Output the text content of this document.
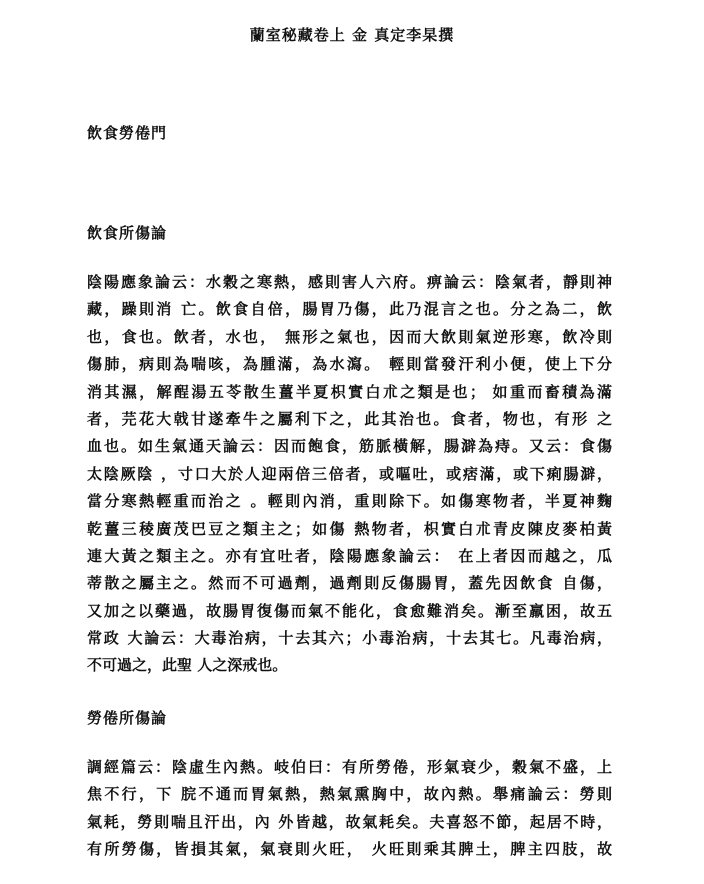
蘭室秘藏卷上 金 真定李杲撰
飲食勞倦門
飲食所傷論
陰陽應象論云：水穀之寒熱，感則害人六府。痹論云：陰氣者，靜則神
藏，躁則消 亡。飲食自倍，腸胃乃傷，此乃混言之也。分之為二，飲
也，食也。飲者，水也， 無形之氣也，因而大飲則氣逆形寒，飲冷則
傷肺，病則為喘咳，為腫滿，為水瀉。 輕則當發汗利小便，使上下分
消其濕，解酲湯五苓散生薑半夏枳實白朮之類是也； 如重而畜積為滿
者，芫花大戟甘遂牽牛之屬利下之，此其治也。食者，物也，有形 之
血也。如生氣通天論云：因而飽食，筋脈橫解，腸澼為痔。又云：食傷
太陰厥陰 ，寸口大於人迎兩倍三倍者，或嘔吐，或痞滿，或下痢腸澼，
當分寒熱輕重而治之 。輕則內消，重則除下。如傷寒物者，半夏神麴
乾薑三稜廣茂巴豆之類主之；如傷 熱物者，枳實白朮青皮陳皮麥柏黃
連大黃之類主之。亦有宜吐者，陰陽應象論云： 在上者因而越之，瓜
蒂散之屬主之。然而不可過劑，過劑則反傷腸胃，蓋先因飲食 自傷，
又加之以藥過，故腸胃復傷而氣不能化，食愈難消矣。漸至羸困，故五
常政 大論云：大毒治病，十去其六；小毒治病，十去其七。凡毒治病，
不可過之，此聖 人之深戒也。
勞倦所傷論
調經篇云：陰虛生內熱。岐伯曰：有所勞倦，形氣衰少，穀氣不盛，上
焦不行，下 脘不通而胃氣熱，熱氣熏胸中，故內熱。舉痛論云：勞則
氣耗，勞則喘且汗出，內 外皆越，故氣耗矣。夫喜怒不節，起居不時，
有所勞傷，皆損其氣，氣衰則火旺， 火旺則乘其脾土，脾主四肢，故
